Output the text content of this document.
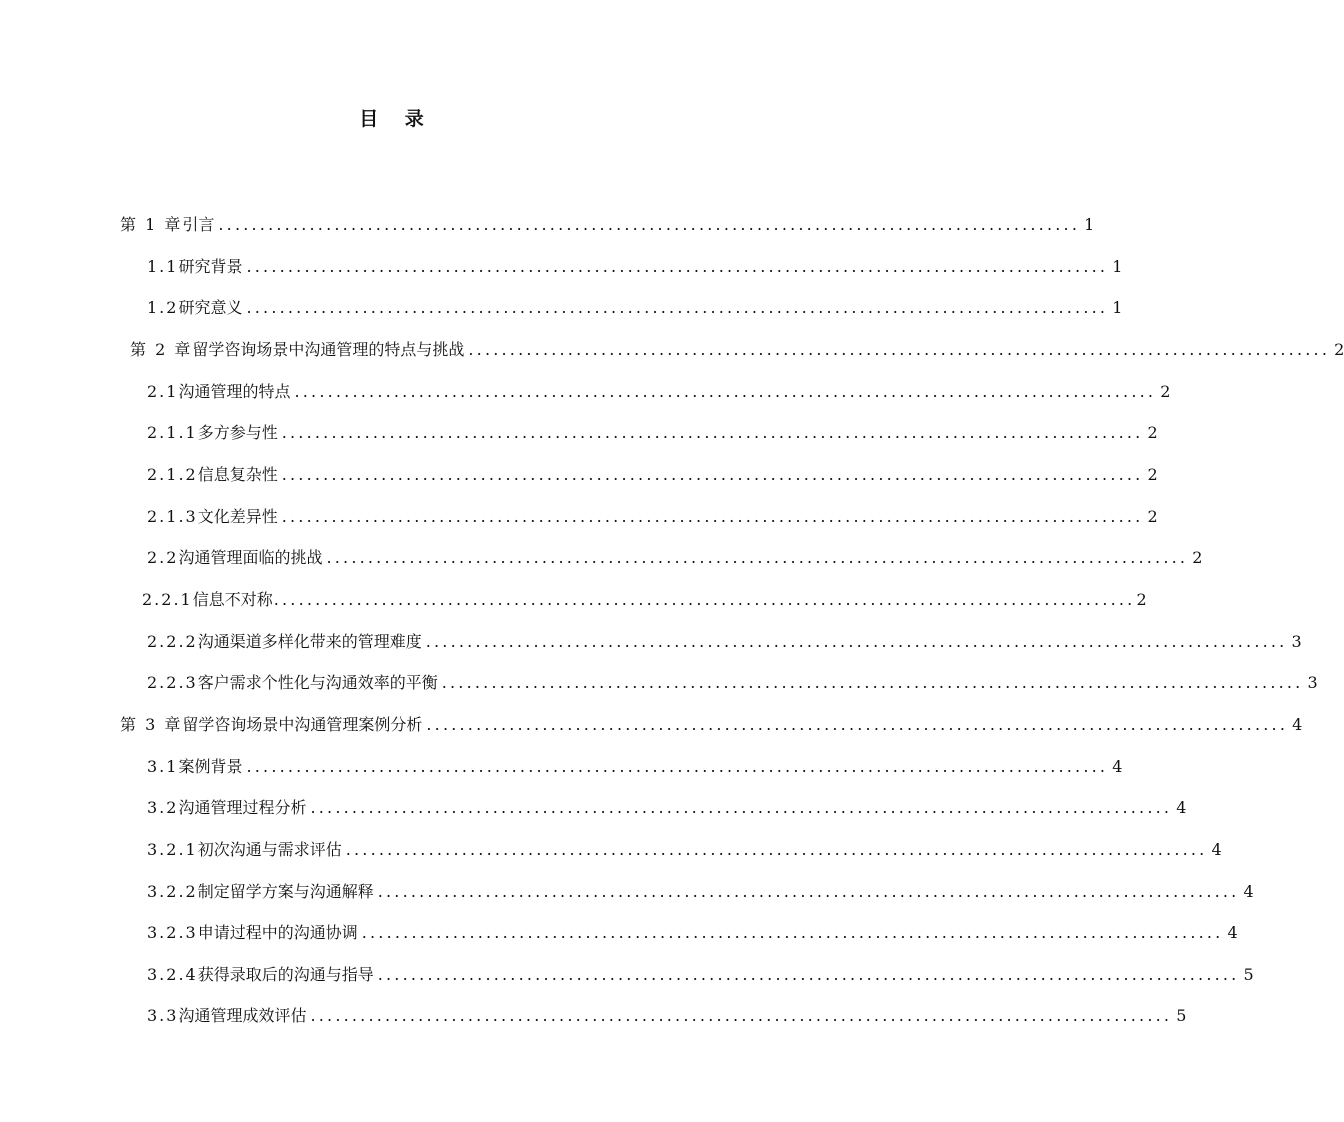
目 录
第 1 章 引言 ........................................................................................................ 1
1.1 研究背景 ........................................................................................................ 1
1.2 研究意义 ........................................................................................................ 1
第 2 章 留学咨询场景中沟通管理的特点与挑战 ........................................................................................................ 2
2.1 沟通管理的特点 ........................................................................................................ 2
2.1.1 多方参与性 ........................................................................................................ 2
2.1.2 信息复杂性 ........................................................................................................ 2
2.1.3 文化差异性 ........................................................................................................ 2
2.2 沟通管理面临的挑战 ........................................................................................................ 2
2.2.1 信息不对称 ........................................................................................................ 2
2.2.2 沟通渠道多样化带来的管理难度 ........................................................................................................ 3
2.2.3 客户需求个性化与沟通效率的平衡 ........................................................................................................ 3
第 3 章 留学咨询场景中沟通管理案例分析 ........................................................................................................ 4
3.1 案例背景 ........................................................................................................ 4
3.2 沟通管理过程分析 ........................................................................................................ 4
3.2.1 初次沟通与需求评估 ........................................................................................................ 4
3.2.2 制定留学方案与沟通解释 ........................................................................................................ 4
3.2.3 申请过程中的沟通协调 ........................................................................................................ 4
3.2.4 获得录取后的沟通与指导 ........................................................................................................ 5
3.3 沟通管理成效评估 ........................................................................................................ 5
